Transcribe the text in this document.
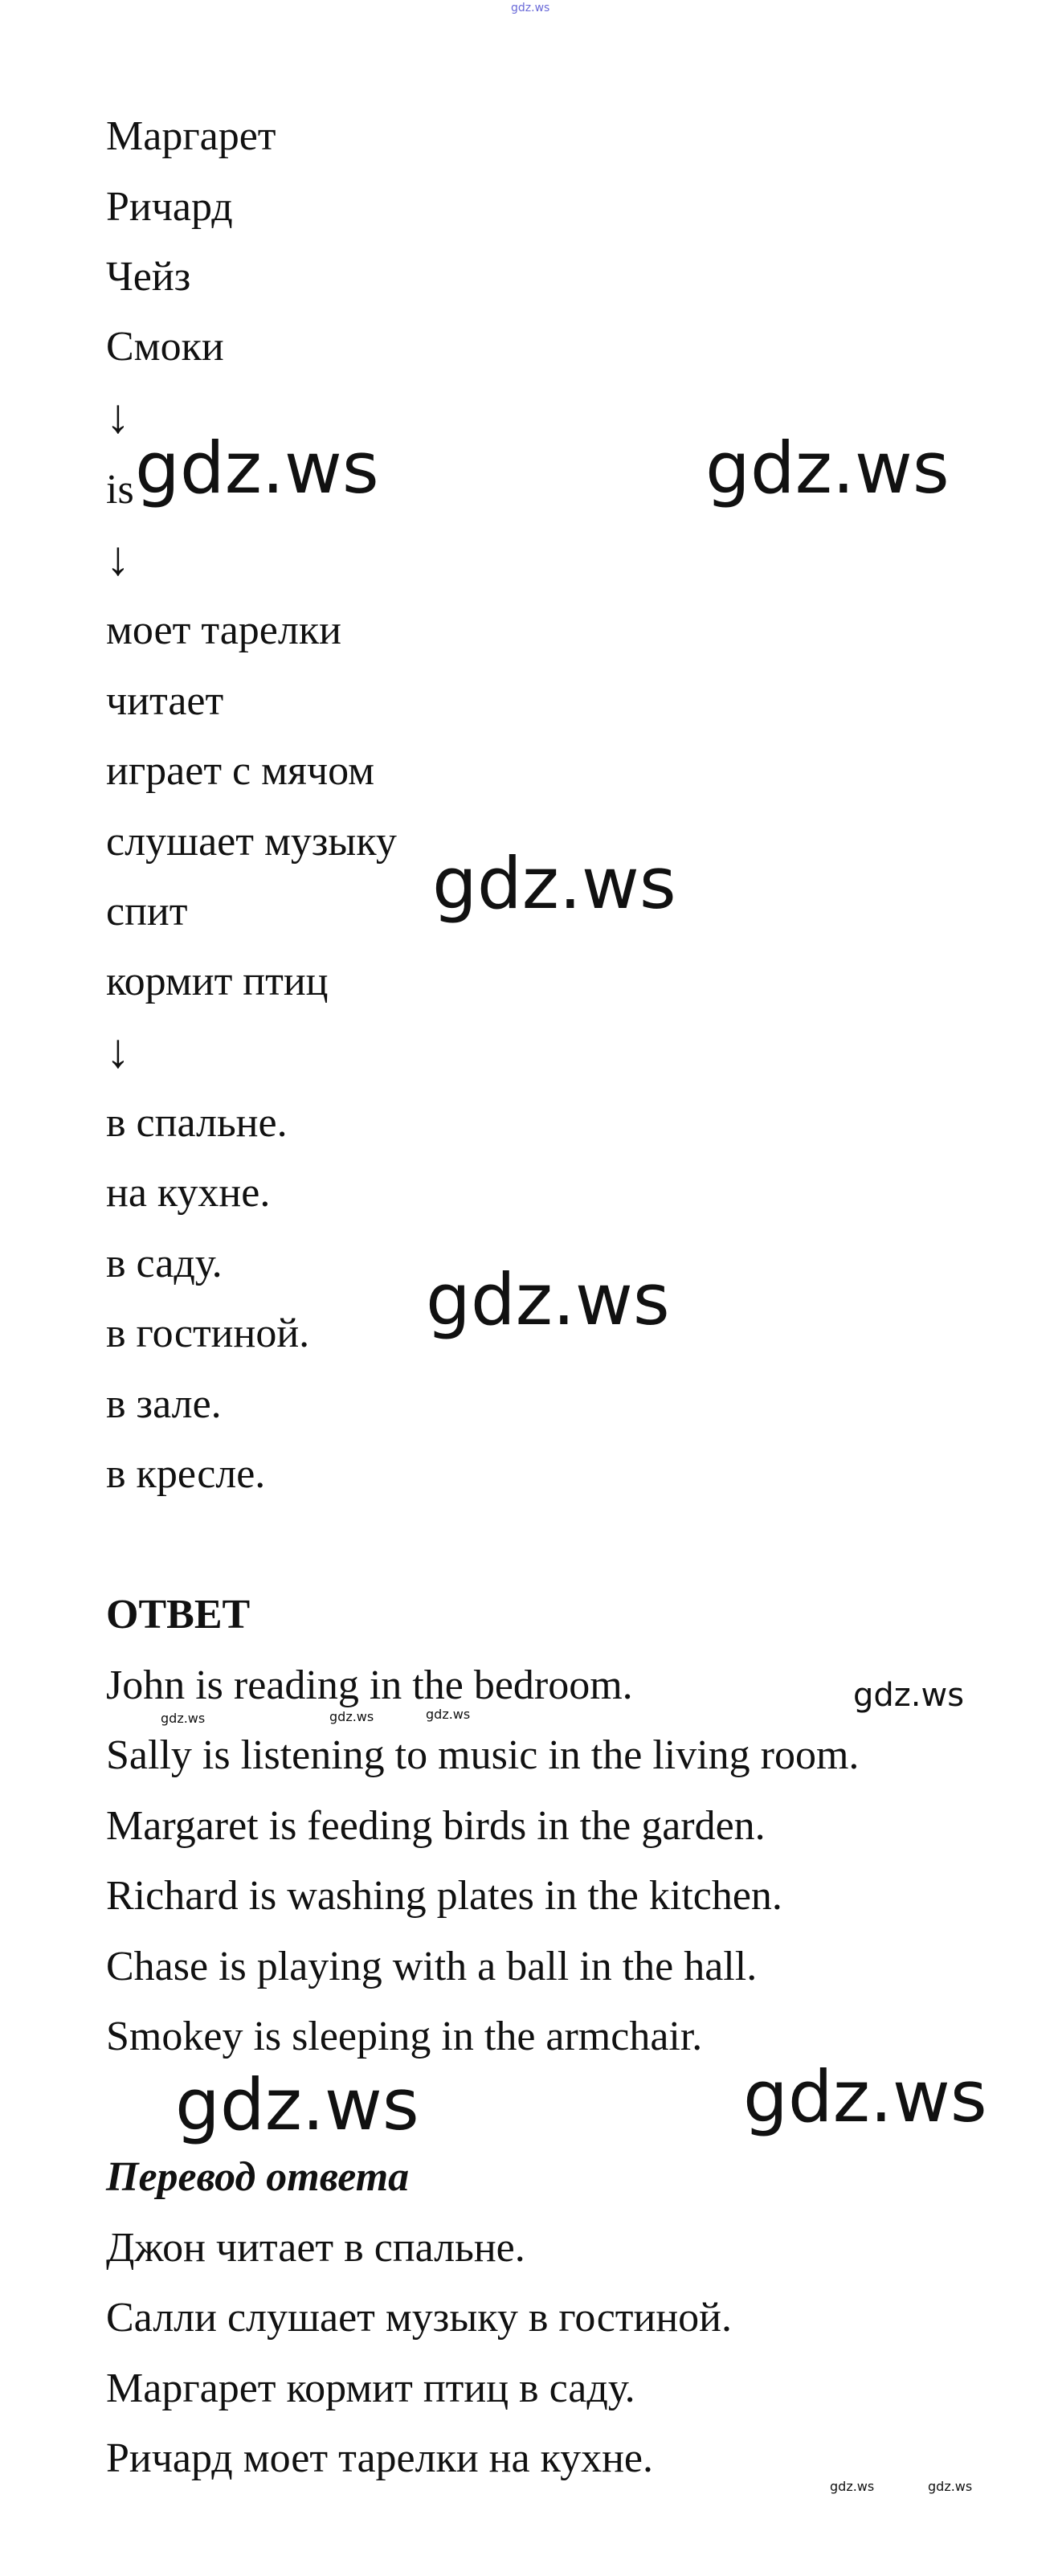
gdz.ws
Маргарет
Ричард
Чейз
Смоки
↓
is
↓
моет тарелки
читает
играет с мячом
слушает музыку
спит
кормит птиц
↓
в спальне.
на кухне.
в саду.
в гостиной.
в зале.
в кресле.
ОТВЕТ
John is reading in the bedroom.
Sally is listening to music in the living room.
Margaret is feeding birds in the garden.
Richard is washing plates in the kitchen.
Chase is playing with a ball in the hall.
Smokey is sleeping in the armchair.
Перевод ответа
Джон читает в спальне.
Салли слушает музыку в гостиной.
Маргарет кормит птиц в саду.
Ричард моет тарелки на кухне.
gdz.ws	gdz.ws
gdz.ws
gdz.ws
gdz.ws	gdz.ws
gdz.ws
gdz.ws	gdz.ws	gdz.ws
gdz.ws	gdz.ws
